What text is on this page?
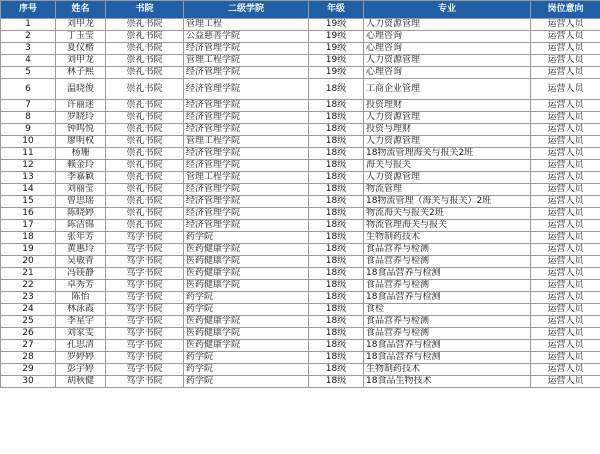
序号	姓名	书院	二级学院	年级	专业	岗位意向
1	刘甲龙	崇礼书院	管理工程	19级	人力资源管理	运营人员
2	丁玉莹	崇礼书院	公益慈善学院	19级	心理咨询	运营人员
3	夏仪楷	崇礼书院	经济管理学院	19级	心理咨询	运营人员
4	刘甲龙	崇礼书院	管理工程学院	19级	人力资源管理	运营人员
5	林子熙	崇礼书院	经济管理学院	19级	心理咨询	运营人员
6	温晓俊	崇礼书院	经济管理学院	18级	工商企业管理	运营人员
7	许丽迷	崇礼书院	经济管理学院	18级	投资理财	运营人员
8	罗晓玲	崇礼书院	经济管理学院	18级	人力资源管理	运营人员
9	钟鸣悦	崇礼书院	经济管理学院	18级	投资与理财	运营人员
10	廖明权	崇礼书院	管理工程学院	18级	人力资源管理	运营人员
11	杨珊	崇礼书院	经济管理学院	18级	18物流管理海关与报关2班	运营人员
12	赖金玲	崇礼书院	经济管理学院	18级	海关与报关	运营人员
13	李嘉颖	崇礼书院	管理工程学院	18级	人力资源管理	运营人员
14	刘丽莹	崇礼书院	经济管理学院	18级	物流管理	运营人员
15	曾思瑶	崇礼书院	经济管理学院	18级	18物流管理（海关与报关）2班	运营人员
16	陈晓婷	崇礼书院	经济管理学院	18级	物流海关与报关2班	运营人员
17	陈洁锦	崇礼书院	经济管理学院	18级	物流管理海关与报关	运营人员
18	张年芳	笃学书院	药学院	18级	生物制药技术	运营人员
19	黄惠玲	笃学书院	医药健康学院	18级	食品营养与检测	运营人员
20	吴敏青	笃学书院	医药健康学院	18级	食品营养与检测	运营人员
21	冯镁静	笃学书院	医药健康学院	18级	18食品营养与检测	运营人员
22	卓秀芳	笃学书院	医药健康学院	18级	食品营养与检测	运营人员
23	陈怡	笃学书院	药学院	18级	18食品营养与检测	运营人员
24	林泳霞	笃学书院	药学院	18级	食检	运营人员
25	李星宇	笃学书院	医药健康学院	18级	食品营养与检测	运营人员
26	刘家雯	笃学书院	医药健康学院	18级	食品营养与检测	运营人员
27	孔思清	笃学书院	医药健康学院	18级	18食品营养与检测	运营人员
28	罗婷婷	笃学书院	药学院	18级	18食品营养与检测	运营人员
29	彭宇婷	笃学书院	药学院	18级	生物制药技术	运营人员
30	胡秋健	笃学书院	药学院	18级	18食品生物技术	运营人员
